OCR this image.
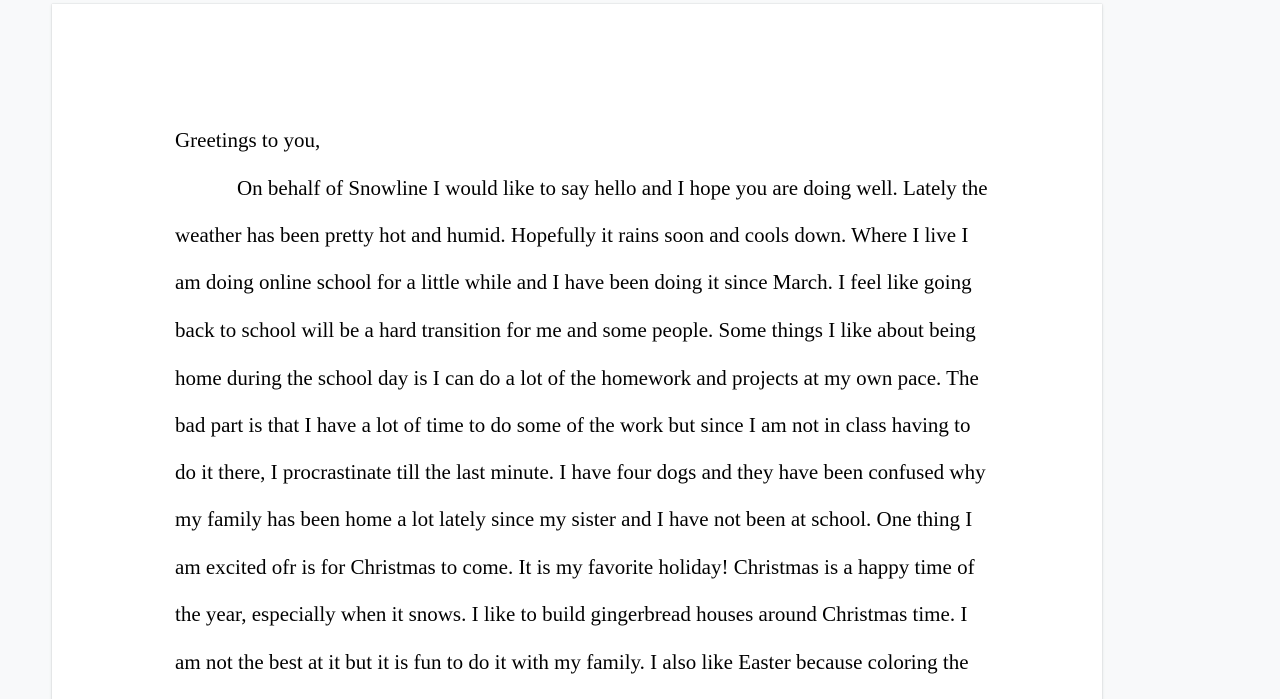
Greetings to you,
On behalf of Snowline I would like to say hello and I hope you are doing well. Lately the
weather has been pretty hot and humid. Hopefully it rains soon and cools down. Where I live I
am doing online school for a little while and I have been doing it since March. I feel like going
back to school will be a hard transition for me and some people. Some things I like about being
home during the school day is I can do a lot of the homework and projects at my own pace. The
bad part is that I have a lot of time to do some of the work but since I am not in class having to
do it there, I procrastinate till the last minute. I have four dogs and they have been confused why
my family has been home a lot lately since my sister and I have not been at school. One thing I
am excited ofr is for Christmas to come. It is my favorite holiday! Christmas is a happy time of
the year, especially when it snows. I like to build gingerbread houses around Christmas time. I
am not the best at it but it is fun to do it with my family. I also like Easter because coloring the
